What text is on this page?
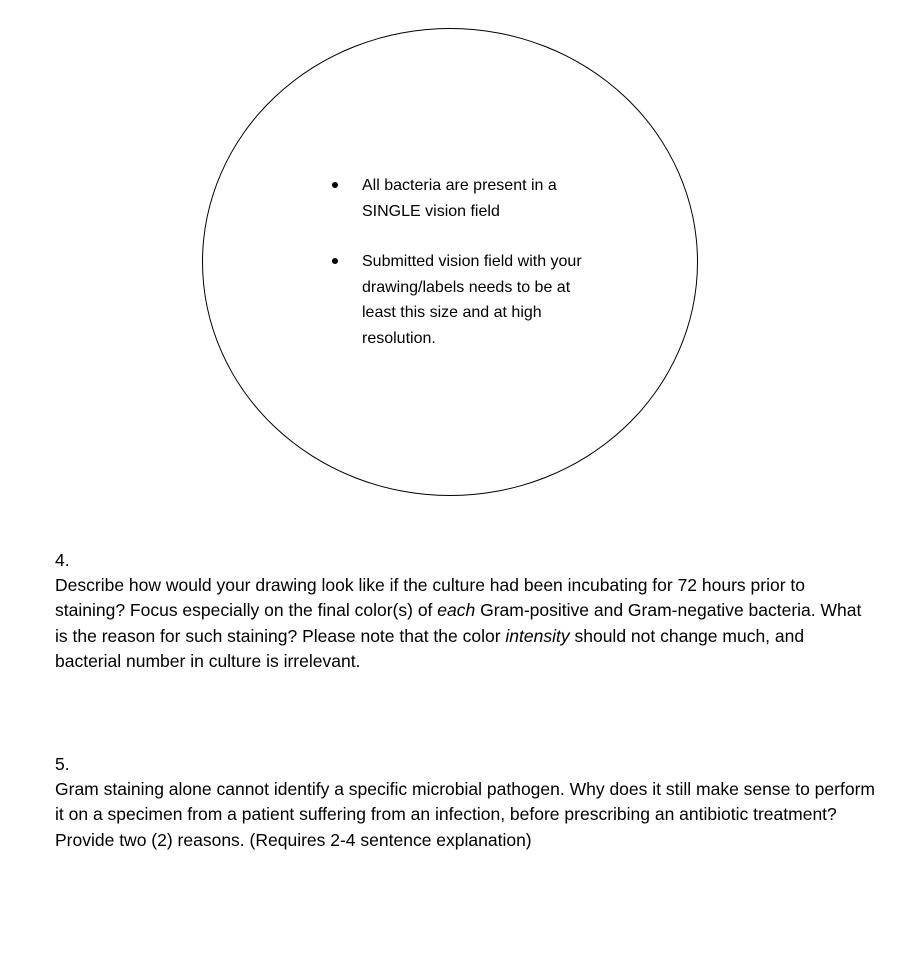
All bacteria are present in a SINGLE vision field
Submitted vision field with your drawing/labels needs to be at least this size and at high resolution.
4.
Describe how would your drawing look like if the culture had been incubating for 72 hours prior to staining? Focus especially on the final color(s) of each Gram-positive and Gram-negative bacteria. What is the reason for such staining? Please note that the color intensity should not change much, and bacterial number in culture is irrelevant.
5.
Gram staining alone cannot identify a specific microbial pathogen. Why does it still make sense to perform it on a specimen from a patient suffering from an infection, before prescribing an antibiotic treatment? Provide two (2) reasons. (Requires 2-4 sentence explanation)
